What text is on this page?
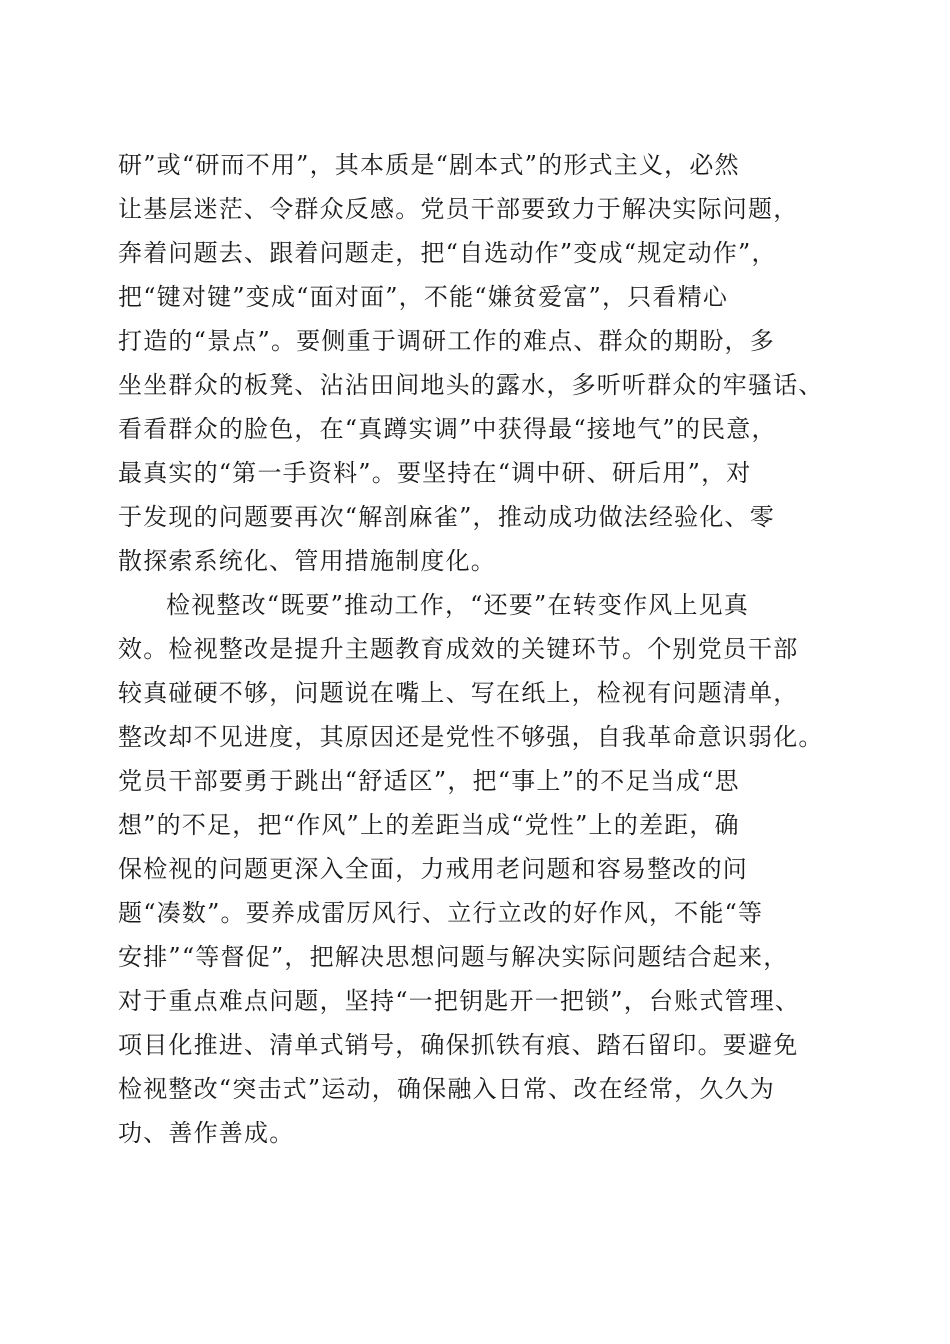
研”或“研而不用”，其本质是“剧本式”的形式主义，必然
让基层迷茫、令群众反感。党员干部要致力于解决实际问题，
奔着问题去、跟着问题走，把“自选动作”变成“规定动作”，
把“键对键”变成“面对面”，不能“嫌贫爱富”，只看精心
打造的“景点”。要侧重于调研工作的难点、群众的期盼，多
坐坐群众的板凳、沾沾田间地头的露水，多听听群众的牢骚话、
看看群众的脸色，在“真蹲实调”中获得最“接地气”的民意，
最真实的“第一手资料”。要坚持在“调中研、研后用”，对
于发现的问题要再次“解剖麻雀”，推动成功做法经验化、零
散探索系统化、管用措施制度化。
检视整改“既要”推动工作，“还要”在转变作风上见真
效。检视整改是提升主题教育成效的关键环节。个别党员干部
较真碰硬不够，问题说在嘴上、写在纸上，检视有问题清单，
整改却不见进度，其原因还是党性不够强，自我革命意识弱化。
党员干部要勇于跳出“舒适区”，把“事上”的不足当成“思
想”的不足，把“作风”上的差距当成“党性”上的差距，确
保检视的问题更深入全面，力戒用老问题和容易整改的问
题“凑数”。要养成雷厉风行、立行立改的好作风，不能“等
安排”“等督促”，把解决思想问题与解决实际问题结合起来，
对于重点难点问题，坚持“一把钥匙开一把锁”，台账式管理、
项目化推进、清单式销号，确保抓铁有痕、踏石留印。要避免
检视整改“突击式”运动，确保融入日常、改在经常，久久为
功、善作善成。
